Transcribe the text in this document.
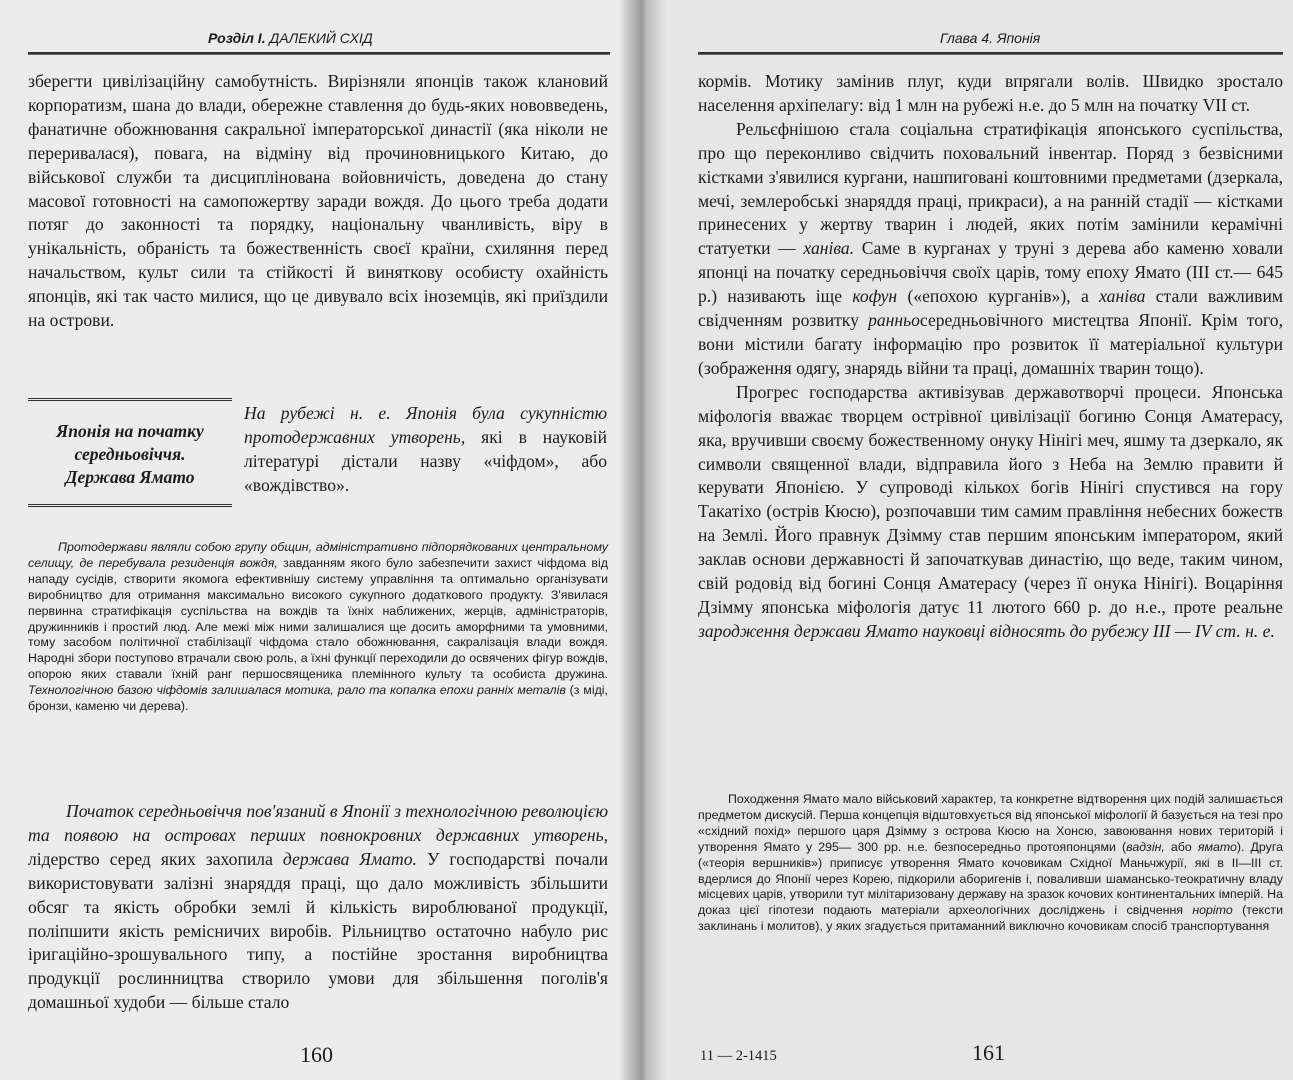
Розділ I. ДАЛЕКИЙ СХІД

зберегти цивілізаційну самобутність. Вирізняли японців також клановий корпоратизм, шана до влади, обережне ставлення до будь-яких нововведень, фанатичне обожнювання сакральної імператорської династії (яка ніколи не переривалася), повага, на відміну від прочиновницького Китаю, до військової служби та дисциплінована войовничість, доведена до стану масової готовності на самопожертву заради вождя. До цього треба додати потяг до законності та порядку, національну чванливість, віру в унікальність, обраність та божественність своєї країни, схиляння перед начальством, культ сили та стійкості й виняткову особисту охайність японців, які так часто милися, що це дивувало всіх іноземців, які приїздили на острови.

Японія на початку
середньовіччя.
Держава Ямато
На рубежі н. е. Японія була сукупністю протодержавних утворень, які в науковій літературі дістали назву «чіфдом», або «вождівство».

Протодержави являли собою групу общин, адміністративно підпорядкованих центральному селищу, де перебувала резиденція вождя, завданням якого було забезпечити захист чіфдома від нападу сусідів, створити якомога ефективнішу систему управління та оптимально організувати виробництво для отримання максимально високого сукупного додаткового продукту. З'явилася первинна стратифікація суспільства на вождів та їхніх наближених, жерців, адміністраторів, дружинників і простий люд. Але межі між ними залишалися ще досить аморфними та умовними, тому засобом політичної стабілізації чіфдома стало обожнювання, сакралізація влади вождя. Народні збори поступово втрачали свою роль, а їхні функції переходили до освячених фігур вождів, опорою яких ставали їхній ранг першосвященика племінного культу та особиста дружина. Технологічною базою чіфдомів залишалася мотика, рало та копалка епохи ранніх металів (з міді, бронзи, каменю чи дерева).

Початок середньовіччя пов'язаний в Японії з технологічною революцією та появою на островах перших повнокровних державних утворень, лідерство серед яких захопила держава Ямато. У господарстві почали використовувати залізні знаряддя праці, що дало можливість збільшити обсяг та якість обробки землі й кількість вироблюваної продукції, поліпшити якість ремісничих виробів. Рільництво остаточно набуло рис іригаційно-зрошувального типу, а постійне зростання виробництва продукції рослинництва створило умови для збільшення поголів'я домашньої худоби — більше стало

160
Глава 4. Японія

кормів. Мотику замінив плуг, куди впрягали волів. Швидко зростало населення архіпелагу: від 1 млн на рубежі н.е. до 5 млн на початку VII ст.

Рельєфнішою стала соціальна стратифікація японського суспільства, про що переконливо свідчить поховальний інвентар. Поряд з безвісними кістками з'явилися кургани, нашпиговані коштовними предметами (дзеркала, мечі, землеробські знаряддя праці, прикраси), а на ранній стадії — кістками принесених у жертву тварин і людей, яких потім замінили керамічні статуетки — ханіва. Саме в курганах у труні з дерева або каменю ховали японці на початку середньовіччя своїх царів, тому епоху Ямато (III ст.— 645 р.) називають іще кофун («епохою курганів»), а ханіва стали важливим свідченням розвитку ранньосередньовічного мистецтва Японії. Крім того, вони містили багату інформацію про розвиток її матеріальної культури (зображення одягу, знарядь війни та праці, домашніх тварин тощо).

Прогрес господарства активізував державотворчі процеси. Японська міфологія вважає творцем острівної цивілізації богиню Сонця Аматерасу, яка, вручивши своєму божественному онуку Нінігі меч, яшму та дзеркало, як символи священної влади, відправила його з Неба на Землю правити й керувати Японією. У супроводі кількох богів Нінігі спустився на гору Такатіхо (острів Кюсю), розпочавши тим самим правління небесних божеств на Землі. Його правнук Дзімму став першим японським імператором, який заклав основи державності й започаткував династію, що веде, таким чином, свій родовід від богині Сонця Аматерасу (через її онука Нінігі). Воцаріння Дзімму японська міфологія датує 11 лютого 660 р. до н.е., проте реальне зародження держави Ямато науковці відносять до рубежу III — IV ст. н. е.

Походження Ямато мало військовий характер, та конкретне відтворення цих подій залишається предметом дискусій. Перша концепція відштовхується від японської міфології й базується на тезі про «східний похід» першого царя Дзімму з острова Кюсю на Хонсю, завоювання нових територій і утворення Ямато у 295— 300 рр. н.е. безпосередньо протояпонцями (вадзін, або ямато). Друга («теорія вершників») приписує утворення Ямато кочовикам Східної Маньчжурії, які в II—III ст. вдерлися до Японії через Корею, підкорили аборигенів і, поваливши шамансько-теократичну владу місцевих царів, утворили тут мілітаризовану державу на зразок кочових континентальних імперій. На доказ цієї гіпотези подають матеріали археологічних досліджень і свідчення норіто (тексти заклинань і молитов), у яких згадується притаманний виключно кочовикам спосіб транспортування

11 — 2-1415	161
